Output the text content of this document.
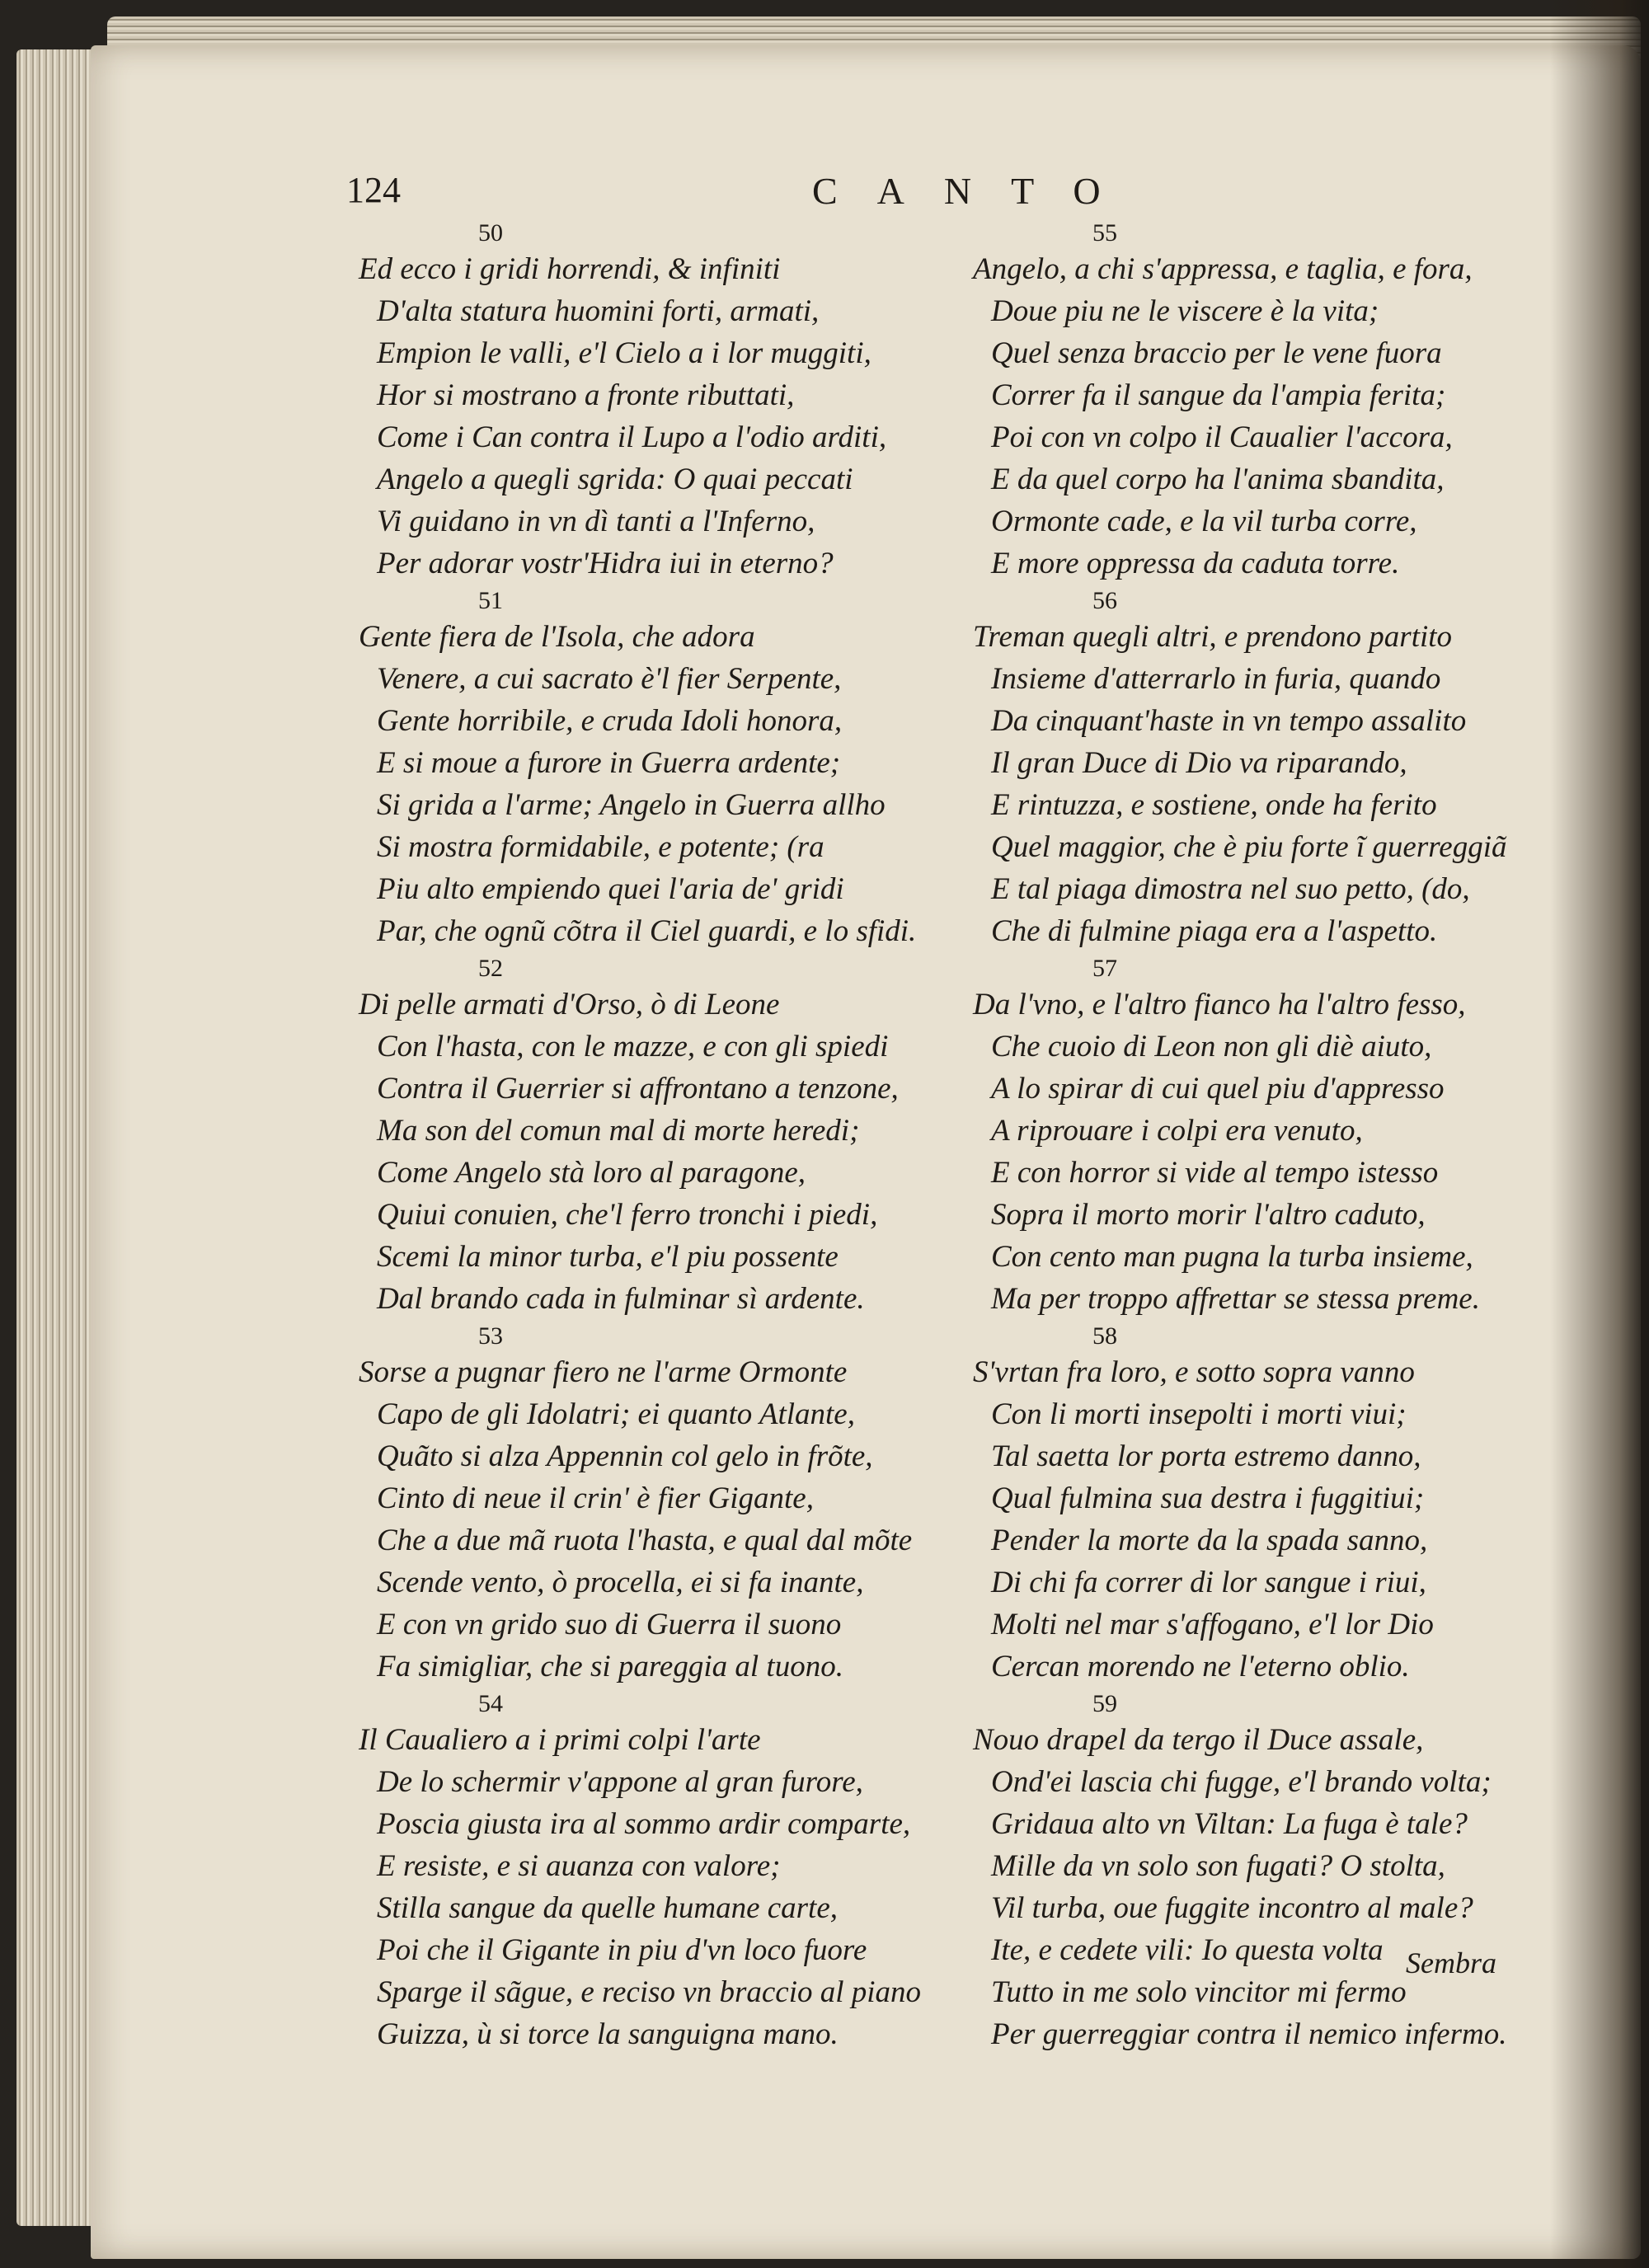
124	CANTO
50
Ed ecco i gridi horrendi, & infiniti
D'alta statura huomini forti, armati,
Empion le valli, e'l Cielo a i lor muggiti,
Hor si mostrano a fronte ributtati,
Come i Can contra il Lupo a l'odio arditi,
Angelo a quegli sgrida: O quai peccati
Vi guidano in vn dì tanti a l'Inferno,
Per adorar vostr'Hidra iui in eterno?
51
Gente fiera de l'Isola, che adora
Venere, a cui sacrato è'l fier Serpente,
Gente horribile, e cruda Idoli honora,
E si moue a furore in Guerra ardente;
Si grida a l'arme; Angelo in Guerra allho
Si mostra formidabile, e potente; (ra
Piu alto empiendo quei l'aria de' gridi
Par, che ognũ cõtra il Ciel guardi, e lo sfidi.
52
Di pelle armati d'Orso, ò di Leone
Con l'hasta, con le mazze, e con gli spiedi
Contra il Guerrier si affrontano a tenzone,
Ma son del comun mal di morte heredi;
Come Angelo stà loro al paragone,
Quiui conuien, che'l ferro tronchi i piedi,
Scemi la minor turba, e'l piu possente
Dal brando cada in fulminar sì ardente.
53
Sorse a pugnar fiero ne l'arme Ormonte
Capo de gli Idolatri; ei quanto Atlante,
Quãto si alza Appennin col gelo in frõte,
Cinto di neue il crin' è fier Gigante,
Che a due mã ruota l'hasta, e qual dal mõte
Scende vento, ò procella, ei si fa inante,
E con vn grido suo di Guerra il suono
Fa simigliar, che si pareggia al tuono.
54
Il Caualiero a i primi colpi l'arte
De lo schermir v'appone al gran furore,
Poscia giusta ira al sommo ardir comparte,
E resiste, e si auanza con valore;
Stilla sangue da quelle humane carte,
Poi che il Gigante in piu d'vn loco fuore
Sparge il sãgue, e reciso vn braccio al piano
Guizza, ù si torce la sanguigna mano.
55
Angelo, a chi s'appressa, e taglia, e fora,
Doue piu ne le viscere è la vita;
Quel senza braccio per le vene fuora
Correr fa il sangue da l'ampia ferita;
Poi con vn colpo il Caualier l'accora,
E da quel corpo ha l'anima sbandita,
Ormonte cade, e la vil turba corre,
E more oppressa da caduta torre.
56
Treman quegli altri, e prendono partito
Insieme d'atterrarlo in furia, quando
Da cinquant'haste in vn tempo assalito
Il gran Duce di Dio va riparando,
E rintuzza, e sostiene, onde ha ferito
Quel maggior, che è piu forte ĩ guerreggiã
E tal piaga dimostra nel suo petto, (do,
Che di fulmine piaga era a l'aspetto.
57
Da l'vno, e l'altro fianco ha l'altro fesso,
Che cuoio di Leon non gli diè aiuto,
A lo spirar di cui quel piu d'appresso
A riprouare i colpi era venuto,
E con horror si vide al tempo istesso
Sopra il morto morir l'altro caduto,
Con cento man pugna la turba insieme,
Ma per troppo affrettar se stessa preme.
58
S'vrtan fra loro, e sotto sopra vanno
Con li morti insepolti i morti viui;
Tal saetta lor porta estremo danno,
Qual fulmina sua destra i fuggitiui;
Pender la morte da la spada sanno,
Di chi fa correr di lor sangue i riui,
Molti nel mar s'affogano, e'l lor Dio
Cercan morendo ne l'eterno oblio.
59
Nouo drapel da tergo il Duce assale,
Ond'ei lascia chi fugge, e'l brando volta;
Gridaua alto vn Viltan: La fuga è tale?
Mille da vn solo son fugati? O stolta,
Vil turba, oue fuggite incontro al male?
Ite, e cedete vili: Io questa volta
Tutto in me solo vincitor mi fermo
Per guerreggiar contra il nemico infermo.
Sembra
